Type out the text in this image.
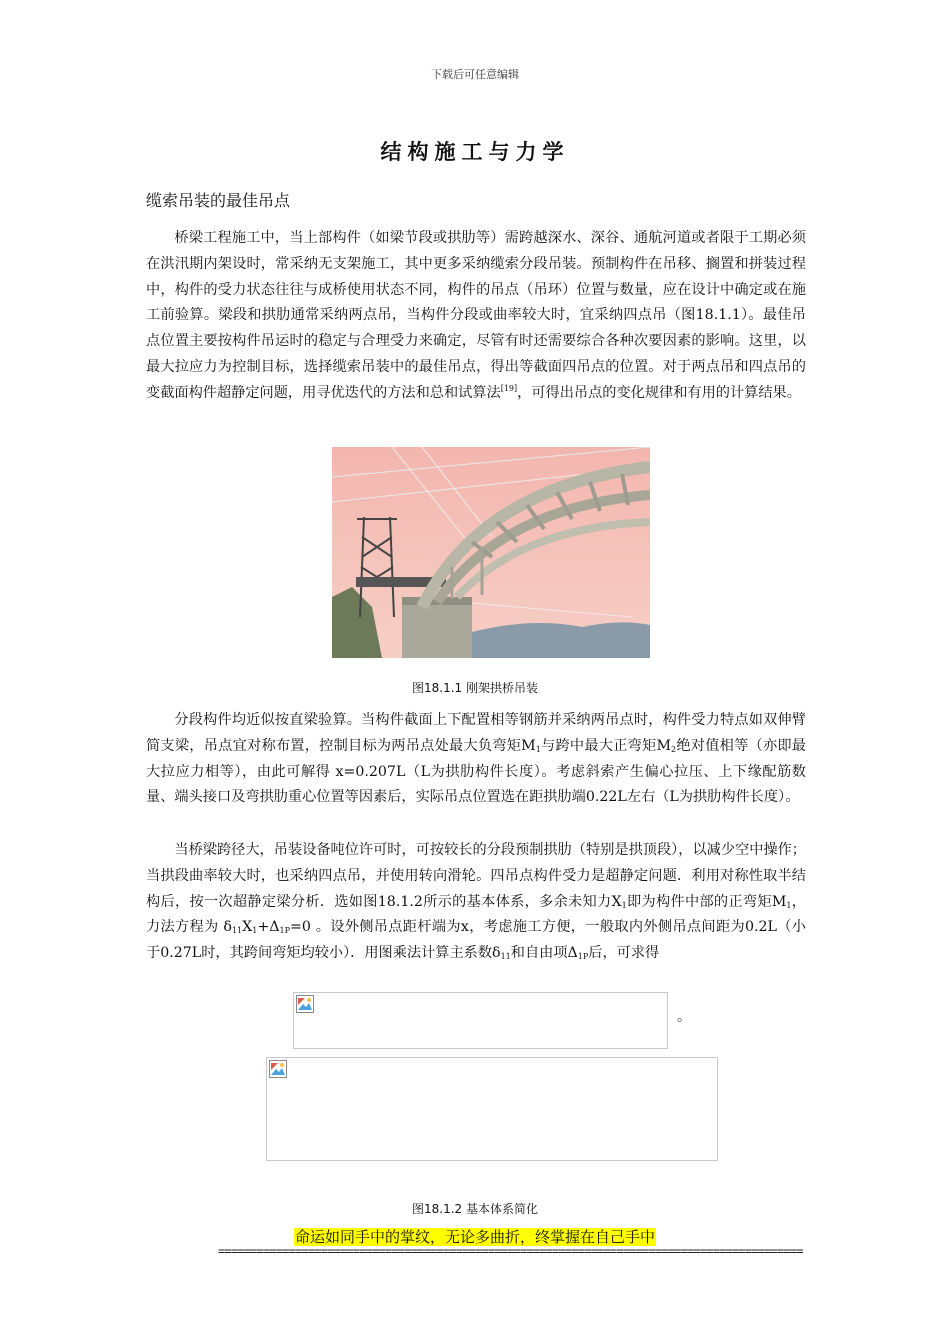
下载后可任意编辑
结构施工与力学
缆索吊装的最佳吊点

桥梁工程施工中，当上部构件（如梁节段或拱肋等）需跨越深水、深谷、通航河道或者限于工期必须在洪汛期内架设时，常采纳无支架施工，其中更多采纳缆索分段吊装。预制构件在吊移、搁置和拼装过程中，构件的受力状态往往与成桥使用状态不同，构件的吊点（吊环）位置与数量，应在设计中确定或在施工前验算。梁段和拱肋通常采纳两点吊，当构件分段或曲率较大时，宜采纳四点吊（图18.1.1）。最佳吊点位置主要按构件吊运时的稳定与合理受力来确定，尽管有时还需要综合各种次要因素的影响。这里，以最大拉应力为控制目标，选择缆索吊装中的最佳吊点，得出等截面四吊点的位置。对于两点吊和四点吊的变截面构件超静定问题，用寻优迭代的方法和总和试算法[19]，可得出吊点的变化规律和有用的计算结果。

图18.1.1 刚架拱桥吊装

分段构件均近似按直梁验算。当构件截面上下配置相等钢筋并采纳两吊点时，构件受力特点如双伸臂简支梁，吊点宜对称布置，控制目标为两吊点处最大负弯矩$M_1$与跨中最大正弯矩$M_2$绝对值相等（亦即最大拉应力相等），由此可解得 x=0.207L（L为拱肋构件长度）。考虑斜索产生偏心拉压、上下缘配筋数量、端头接口及弯拱肋重心位置等因素后，实际吊点位置选在距拱肋端0.22L左右（L为拱肋构件长度）。

当桥梁跨径大，吊装设备吨位许可时，可按较长的分段预制拱肋（特别是拱顶段），以减少空中操作；当拱段曲率较大时，也采纳四点吊，并使用转向滑轮。四吊点构件受力是超静定问题．利用对称性取半结构后，按一次超静定梁分析．选如图18.1.2所示的基本体系，多余未知力$X_1$即为构件中部的正弯矩$M_1$，力法方程为 $\delta_{11}X_1+\Delta_{1P}=0$ 。设外侧吊点距杆端为x，考虑施工方便，一般取内外侧吊点间距为0.2L（小于0.27L时，其跨间弯矩均较小）．用图乘法计算主系数$\delta_{11}$和自由项$\Delta_{1P}$后，可求得

。
图18.1.2 基本体系简化
命运如同手中的掌纹，无论多曲折，终掌握在自己手中
===========================================================================================
